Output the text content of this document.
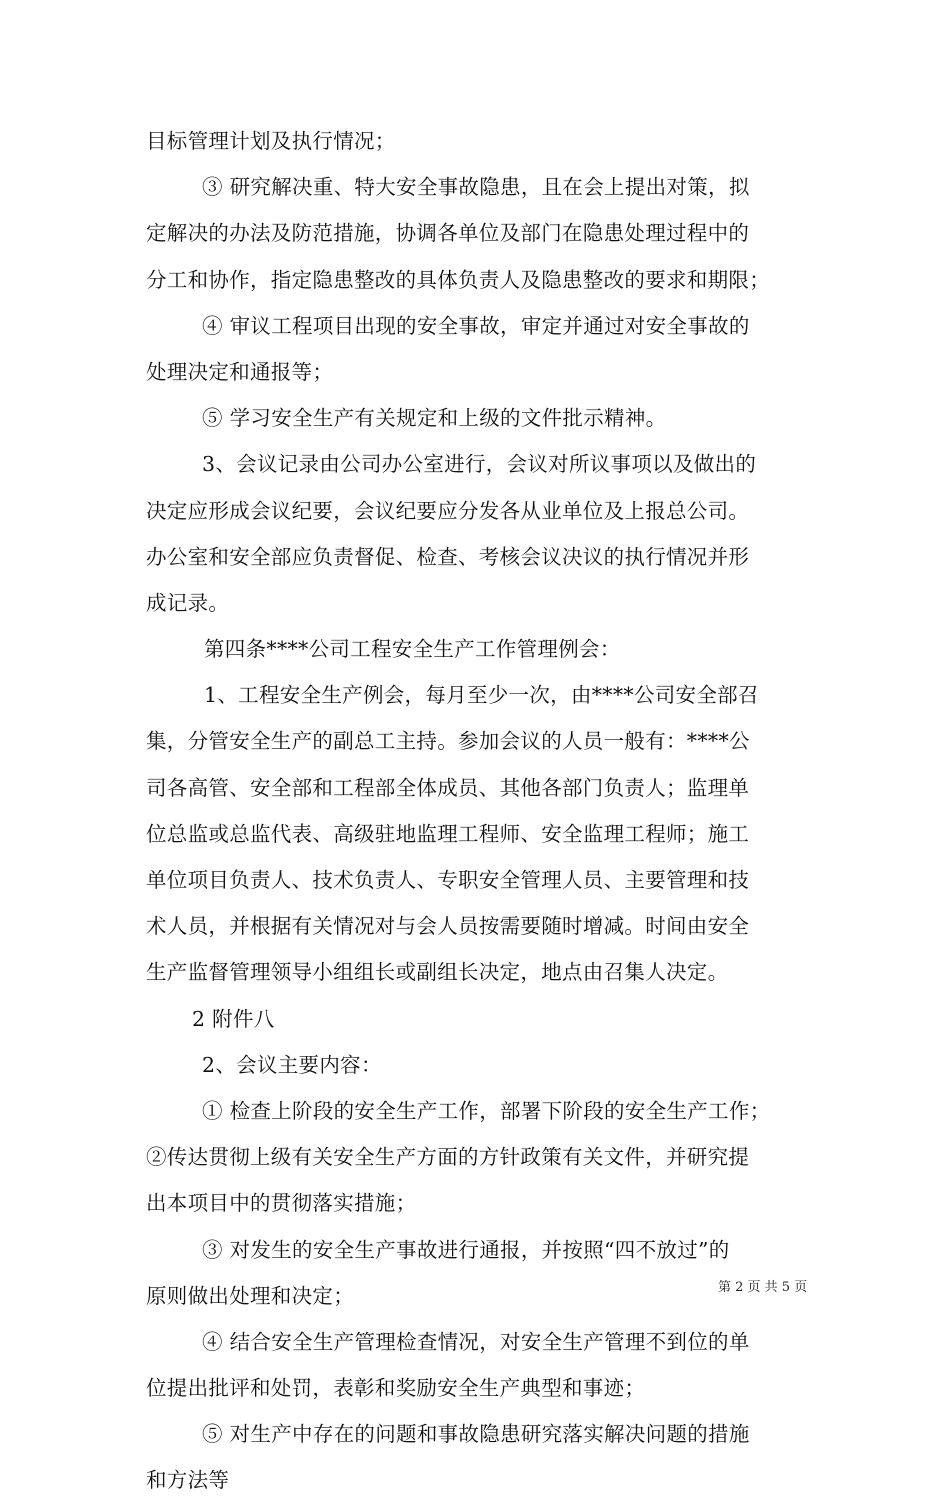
目标管理计划及执行情况；
③ 研究解决重、特大安全事故隐患，且在会上提出对策，拟
定解决的办法及防范措施，协调各单位及部门在隐患处理过程中的
分工和协作，指定隐患整改的具体负责人及隐患整改的要求和期限；
④ 审议工程项目出现的安全事故，审定并通过对安全事故的
处理决定和通报等；
⑤ 学习安全生产有关规定和上级的文件批示精神。
3、会议记录由公司办公室进行，会议对所议事项以及做出的
决定应形成会议纪要，会议纪要应分发各从业单位及上报总公司。
办公室和安全部应负责督促、检查、考核会议决议的执行情况并形
成记录。
第四条****公司工程安全生产工作管理例会：
1、工程安全生产例会，每月至少一次，由****公司安全部召
集，分管安全生产的副总工主持。参加会议的人员一般有：****公
司各高管、安全部和工程部全体成员、其他各部门负责人；监理单
位总监或总监代表、高级驻地监理工程师、安全监理工程师；施工
单位项目负责人、技术负责人、专职安全管理人员、主要管理和技
术人员，并根据有关情况对与会人员按需要随时增减。时间由安全
生产监督管理领导小组组长或副组长决定，地点由召集人决定。
2 附件八
2、会议主要内容：
① 检查上阶段的安全生产工作，部署下阶段的安全生产工作；
②传达贯彻上级有关安全生产方面的方针政策有关文件，并研究提
出本项目中的贯彻落实措施；
③ 对发生的安全生产事故进行通报，并按照“四不放过”的
原则做出处理和决定；
④ 结合安全生产管理检查情况，对安全生产管理不到位的单
位提出批评和处罚，表彰和奖励安全生产典型和事迹；
⑤ 对生产中存在的问题和事故隐患研究落实解决问题的措施
和方法等
第 2 页 共 5 页
